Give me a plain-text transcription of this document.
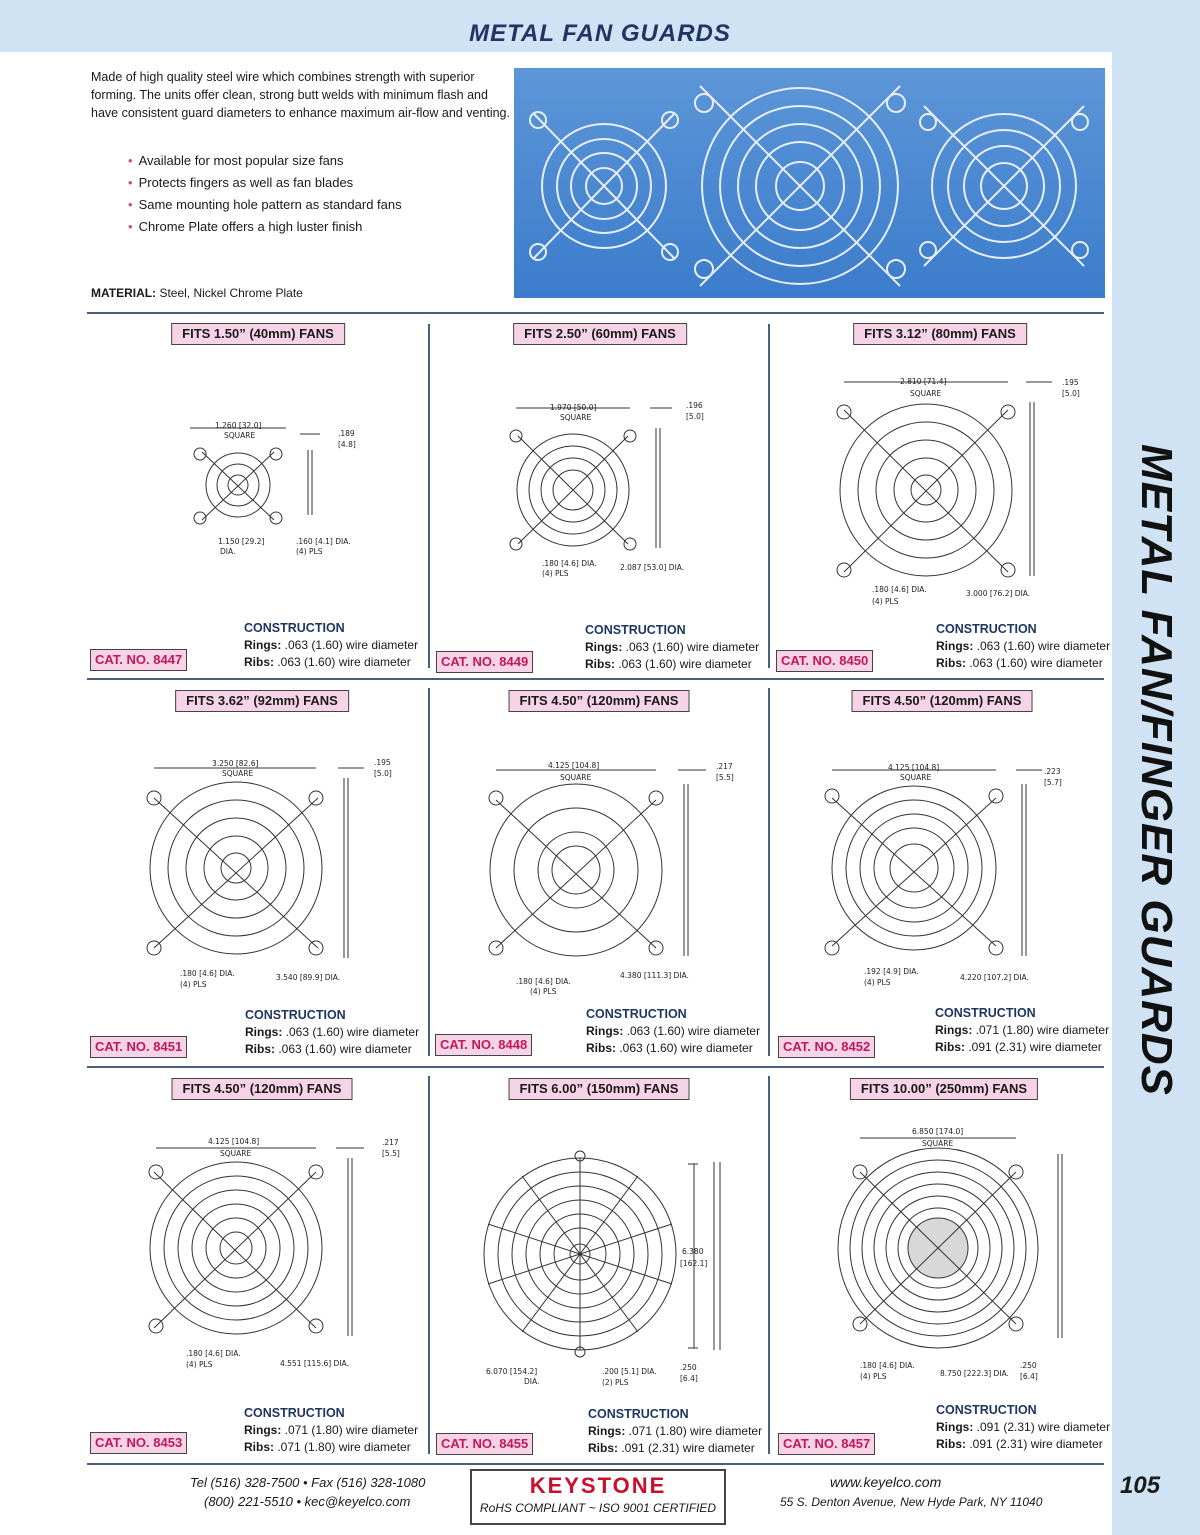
METAL FAN/FINGER GUARDS
METAL FAN GUARDS
Made of high quality steel wire which combines strength with superior forming. The units offer clean, strong butt welds with minimum flash and have consistent guard diameters to enhance maximum air-flow and venting.
• Available for most popular size fans
• Protects fingers as well as fan blades
• Same mounting hole pattern as standard fans
• Chrome Plate offers a high luster finish
MATERIAL: Steel, Nickel Chrome Plate
FITS 1.50” (40mm) FANS	FITS 2.50” (60mm) FANS	FITS 3.12” (80mm) FANS
1.260 [32.0]
SQUARE	.189
[4.8]
1.150 [29.2]
DIA.
.160 [4.1] DIA.
(4) PLS
1.970 [50.0]
SQUARE
.196
[5.0]
2.087 [53.0] DIA.
.180 [4.6] DIA.
(4) PLS
2.810 [71.4]
SQUARE
.195
[5.0]
3.000 [76.2] DIA.
.180 [4.6] DIA.
(4) PLS
CAT. NO. 8447	CAT. NO. 8449	CAT. NO. 8450
CONSTRUCTION
Rings: .063 (1.60) wire diameter
Ribs: .063 (1.60) wire diameter
CONSTRUCTION
Rings: .063 (1.60) wire diameter
Ribs: .063 (1.60) wire diameter
CONSTRUCTION
Rings: .063 (1.60) wire diameter
Ribs: .063 (1.60) wire diameter
FITS 3.62” (92mm) FANS	FITS 4.50” (120mm) FANS	FITS 4.50” (120mm) FANS
3.250 [82.6]
SQUARE
.195
[5.0]
3.540 [89.9] DIA.
.180 [4.6] DIA.
(4) PLS
4.125 [104.8]
SQUARE
.217
[5.5]
4.380 [111.3] DIA.
.180 [4.6] DIA.
(4) PLS
4.125 [104.8]
SQUARE
.223
[5.7]
4.220 [107.2] DIA.
.192 [4.9] DIA.
(4) PLS
CAT. NO. 8451	CAT. NO. 8448	CAT. NO. 8452
CONSTRUCTION
Rings: .063 (1.60) wire diameter
Ribs: .063 (1.60) wire diameter
CONSTRUCTION
Rings: .063 (1.60) wire diameter
Ribs: .063 (1.60) wire diameter
CONSTRUCTION
Rings: .071 (1.80) wire diameter
Ribs: .091 (2.31) wire diameter
FITS 4.50” (120mm) FANS	FITS 6.00” (150mm) FANS	FITS 10.00” (250mm) FANS
4.125 [104.8]
SQUARE
.217
[5.5]
4.551 [115.6] DIA.
.180 [4.6] DIA.
(4) PLS
6.380
[162.1]
6.070 [154.2]
DIA.
.200 [5.1] DIA.
(2) PLS
.250
[6.4]
6.850 [174.0]
SQUARE
8.750 [222.3] DIA.
.180 [4.6] DIA.
(4) PLS
.250
[6.4]
CAT. NO. 8453	CAT. NO. 8455	CAT. NO. 8457
CONSTRUCTION
Rings: .071 (1.80) wire diameter
Ribs: .071 (1.80) wire diameter
CONSTRUCTION
Rings: .071 (1.80) wire diameter
Ribs: .091 (2.31) wire diameter
CONSTRUCTION
Rings: .091 (2.31) wire diameter
Ribs: .091 (2.31) wire diameter
Tel (516) 328-7500 • Fax (516) 328-1080
(800) 221-5510 • kec@keyelco.com
KEYSTONE
RoHS COMPLIANT ~ ISO 9001 CERTIFIED
www.keyelco.com
55 S. Denton Avenue, New Hyde Park, NY 11040
105
